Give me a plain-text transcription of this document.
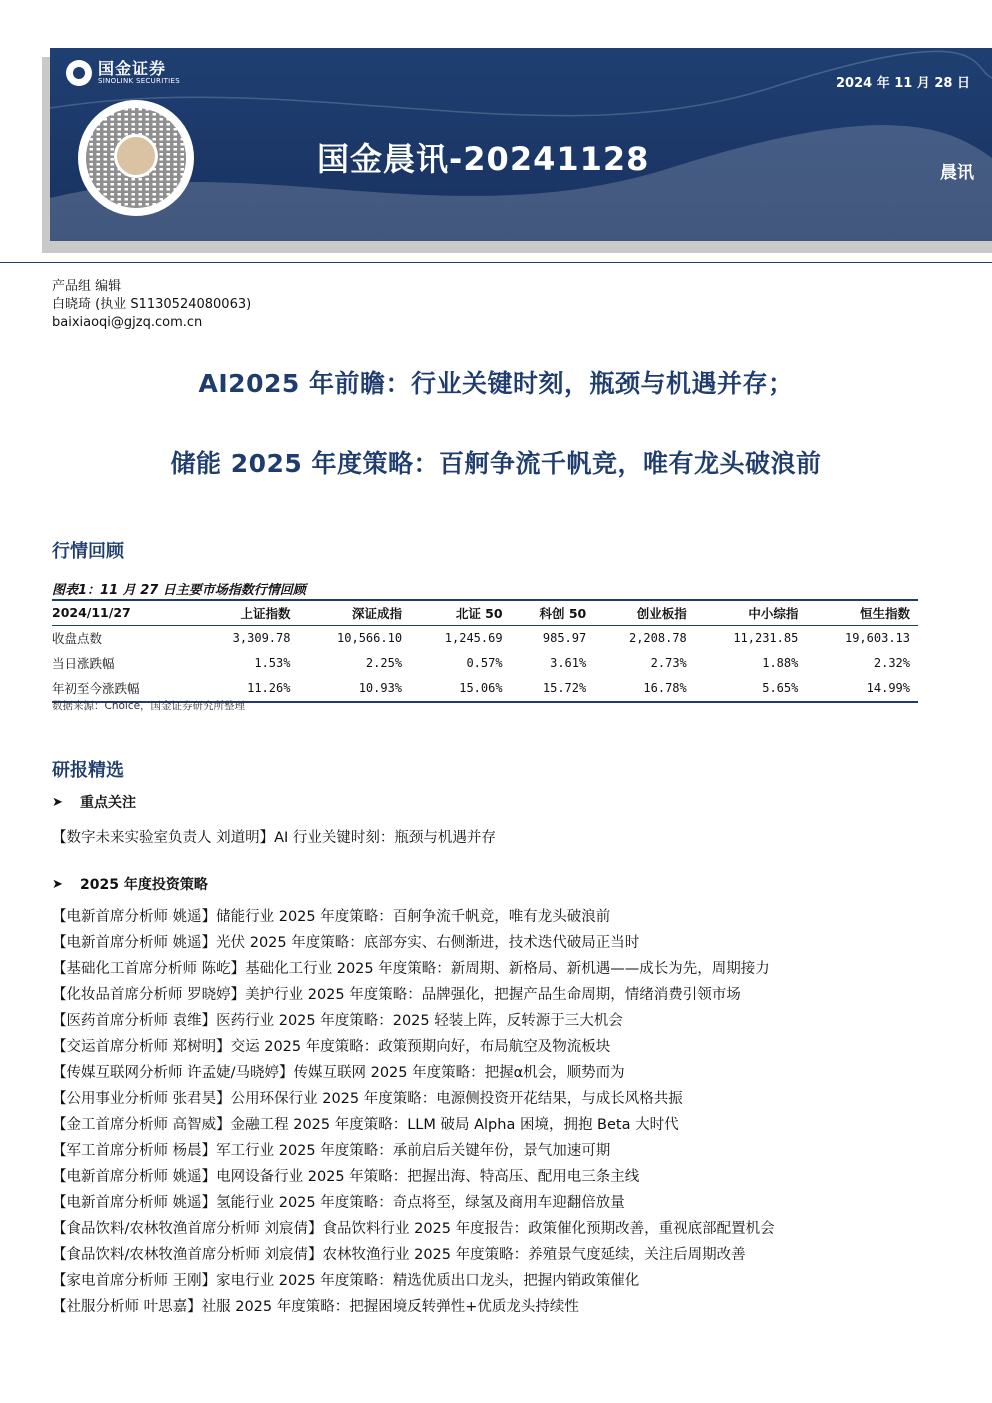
国金证券
SINOLINK SECURITIES	2024 年 11 月 28 日
国金晨讯-20241128	晨讯
产品组 编辑
白晓琦 (执业 S1130524080063)
baixiaoqi@gjzq.com.cn
AI2025 年前瞻：行业关键时刻，瓶颈与机遇并存；
储能 2025 年度策略：百舸争流千帆竞，唯有龙头破浪前
行情回顾
图表1：11 月 27 日主要市场指数行情回顾
2024/11/27	上证指数	深证成指	北证 50	科创 50	创业板指	中小综指	恒生指数
收盘点数	3,309.78	10,566.10	1,245.69	985.97	2,208.78	11,231.85	19,603.13
当日涨跌幅	1.53%	2.25%	0.57%	3.61%	2.73%	1.88%	2.32%
年初至今涨跌幅	11.26%	10.93%	15.06%	15.72%	16.78%	5.65%	14.99%
数据来源：Choice，国金证券研究所整理
研报精选
➤	重点关注
【数字未来实验室负责人 刘道明】AI 行业关键时刻：瓶颈与机遇并存
➤	2025 年度投资策略
【电新首席分析师 姚遥】储能行业 2025 年度策略：百舸争流千帆竞，唯有龙头破浪前
【电新首席分析师 姚遥】光伏 2025 年度策略：底部夯实、右侧渐进，技术迭代破局正当时
【基础化工首席分析师 陈屹】基础化工行业 2025 年度策略：新周期、新格局、新机遇——成长为先，周期接力
【化妆品首席分析师 罗晓婷】美护行业 2025 年度策略：品牌强化，把握产品生命周期，情绪消费引领市场
【医药首席分析师 袁维】医药行业 2025 年度策略：2025 轻装上阵，反转源于三大机会
【交运首席分析师 郑树明】交运 2025 年度策略：政策预期向好，布局航空及物流板块
【传媒互联网分析师 许孟婕/马晓婷】传媒互联网 2025 年度策略：把握α机会，顺势而为
【公用事业分析师 张君昊】公用环保行业 2025 年度策略：电源侧投资开花结果，与成长风格共振
【金工首席分析师 高智威】金融工程 2025 年度策略：LLM 破局 Alpha 困境，拥抱 Beta 大时代
【军工首席分析师 杨晨】军工行业 2025 年度策略：承前启后关键年份，景气加速可期
【电新首席分析师 姚遥】电网设备行业 2025 年策略：把握出海、特高压、配用电三条主线
【电新首席分析师 姚遥】氢能行业 2025 年度策略：奇点将至，绿氢及商用车迎翻倍放量
【食品饮料/农林牧渔首席分析师 刘宸倩】食品饮料行业 2025 年度报告：政策催化预期改善，重视底部配置机会
【食品饮料/农林牧渔首席分析师 刘宸倩】农林牧渔行业 2025 年度策略：养殖景气度延续，关注后周期改善
【家电首席分析师 王刚】家电行业 2025 年度策略：精选优质出口龙头，把握内销政策催化
【社服分析师 叶思嘉】社服 2025 年度策略：把握困境反转弹性+优质龙头持续性
